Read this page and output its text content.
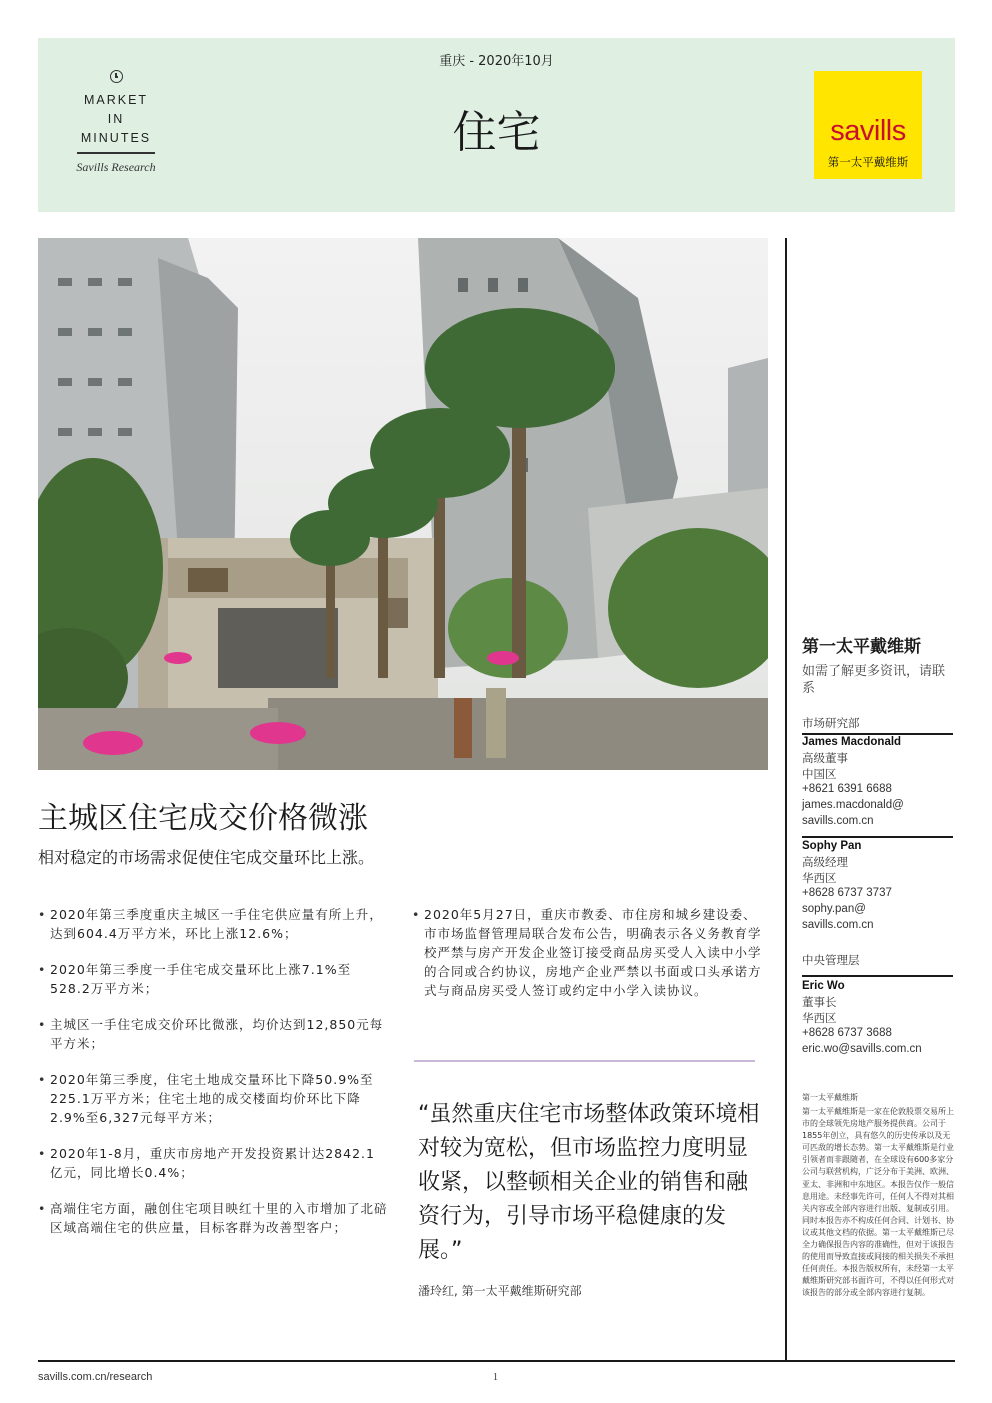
MARKET
IN
MINUTES
Savills Research
重庆 - 2020年10月
住宅	savills
第一太平戴维斯
主城区住宅成交价格微涨
相对稳定的市场需求促使住宅成交量环比上涨。
• 2020年第三季度重庆主城区一手住宅供应量有所上升，达到604.4万平方米，环比上涨12.6%；
• 2020年第三季度一手住宅成交量环比上涨7.1%至528.2万平方米；
• 主城区一手住宅成交价环比微涨，均价达到12,850元每平方米；
• 2020年第三季度，住宅土地成交量环比下降50.9%至225.1万平方米；住宅土地的成交楼面均价环比下降2.9%至6,327元每平方米；
• 2020年1-8月，重庆市房地产开发投资累计达2842.1亿元，同比增长0.4%；
• 高端住宅方面，融创住宅项目映红十里的入市增加了北碚区域高端住宅的供应量，目标客群为改善型客户；
• 2020年5月27日，重庆市教委、市住房和城乡建设委、市市场监督管理局联合发布公告，明确表示各义务教育学校严禁与房产开发企业签订接受商品房买受人入读中小学的合同或合约协议，房地产企业严禁以书面或口头承诺方式与商品房买受人签订或约定中小学入读协议。
“虽然重庆住宅市场整体政策环境相对较为宽松，但市场监控力度明显收紧，以整顿相关企业的销售和融资行为，引导市场平稳健康的发展。”
潘玲红, 第一太平戴维斯研究部
第一太平戴维斯
如需了解更多资讯，请联系
市场研究部
James Macdonald
高级董事
中国区
+8621 6391 6688
james.macdonald@
savills.com.cn
Sophy Pan
高级经理
华西区
+8628 6737 3737
sophy.pan@
savills.com.cn
中央管理层
Eric Wo
董事长
华西区
+8628 6737 3688
eric.wo@savills.com.cn
第一太平戴维斯
第一太平戴维斯是一家在伦敦股票交易所上市的全球领先房地产服务提供商。公司于1855年创立，具有悠久的历史传承以及无可匹敌的增长态势。第一太平戴维斯是行业引领者而非跟随者，在全球设有600多家分公司与联营机构，广泛分布于美洲、欧洲、亚太、非洲和中东地区。本报告仅作一般信息用途。未经事先许可，任何人不得对其相关内容或全部内容进行出版、复制或引用。同时本报告亦不构成任何合同、计划书、协议或其他文档的依据。第一太平戴维斯已尽全力确保报告内容的准确性，但对于该报告的使用而导致直接或间接的相关损失不承担任何责任。本报告版权所有，未经第一太平戴维斯研究部书面许可，不得以任何形式对该报告的部分或全部内容进行复制。
savills.com.cn/research	1
